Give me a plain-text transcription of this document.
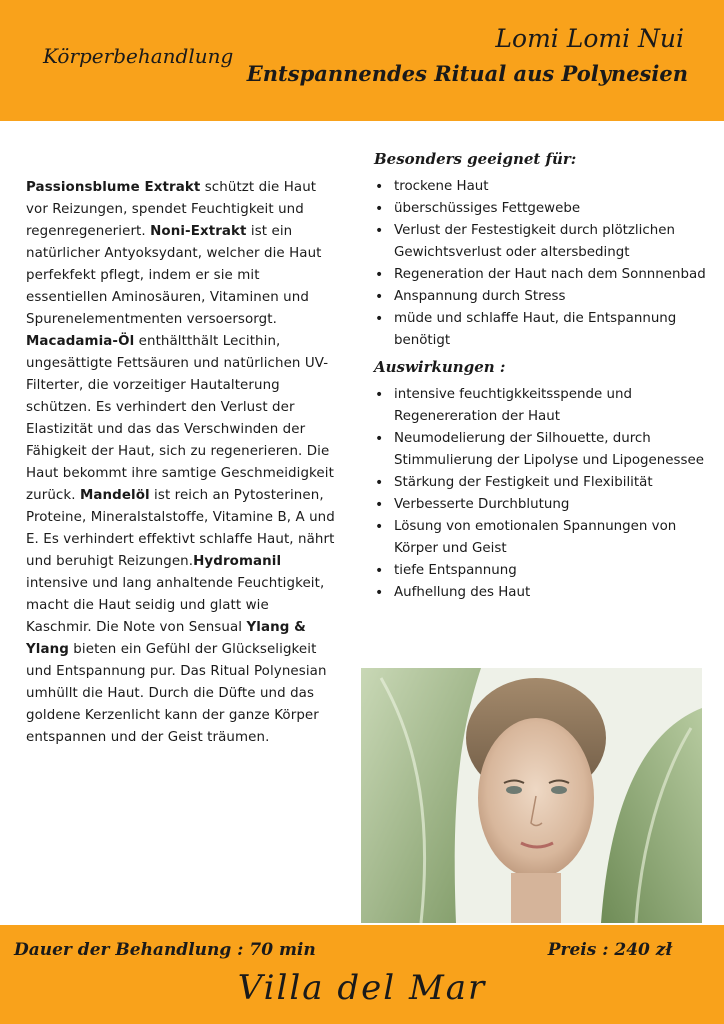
Körperbehandlung
Lomi Lomi Nui
Entspannendes Ritual aus Polynesien

Passionsblume Extrakt schützt die Haut vor Reizungen, spendet Feuchtigkeit und regenregeneriert. Noni-Extrakt ist ein natürlicher Antyoksydant, welcher die Haut perfekfekt pflegt, indem er sie mit essentiellen Aminosäuren, Vitaminen und Spurenelementmenten versoersorgt. Macadamia-Öl enthältthält Lecithin, ungesättigte Fettsäuren und natürlichen UV-Filterter, die vorzeitiger Hautalterung schützen. Es verhindert den Verlust der Elastizität und das das Verschwinden der Fähigkeit der Haut, sich zu regenerieren. Die Haut bekommt ihre samtige Geschmeidigkeit zurück. Mandelöl ist reich an Pytosterinen, Proteine, Mineralstalstoffe, Vitamine B, A und E. Es verhindert effektivt schlaffe Haut, nährt und beruhigt Reizungen.Hydromanil intensive und lang anhaltende Feuchtigkeit, macht die Haut seidig und glatt wie Kaschmir. Die Note von Sensual Ylang & Ylang bieten ein Gefühl der Glückseligkeit und Entspannung pur. Das Ritual Polynesian umhüllt die Haut. Durch die Düfte und das goldene Kerzenlicht kann der ganze Körper entspannen und der Geist träumen.

Besonders geeignet für:
• trockene Haut
• überschüssiges Fettgewebe
• Verlust der Festestigkeit durch plötzlichen Gewichtsverlust oder altersbedingt
• Regeneration der Haut nach dem Sonnnenbad
• Anspannung durch Stress
• müde und schlaffe Haut, die Entspannung benötigt
Auswirkungen :
• intensive feuchtigkkeitsspende und Regenereration der Haut
• Neumodelierung der Silhouette, durch Stimmulierung der Lipolyse und Lipogenessee
• Stärkung der Festigkeit und Flexibilität
• Verbesserte Durchblutung
• Lösung von emotionalen Spannungen von Körper und Geist
• tiefe Entspannung
• Aufhellung des Haut
Dauer der Behandlung : 70 min	Preis : 240 zł
Villa del Mar
